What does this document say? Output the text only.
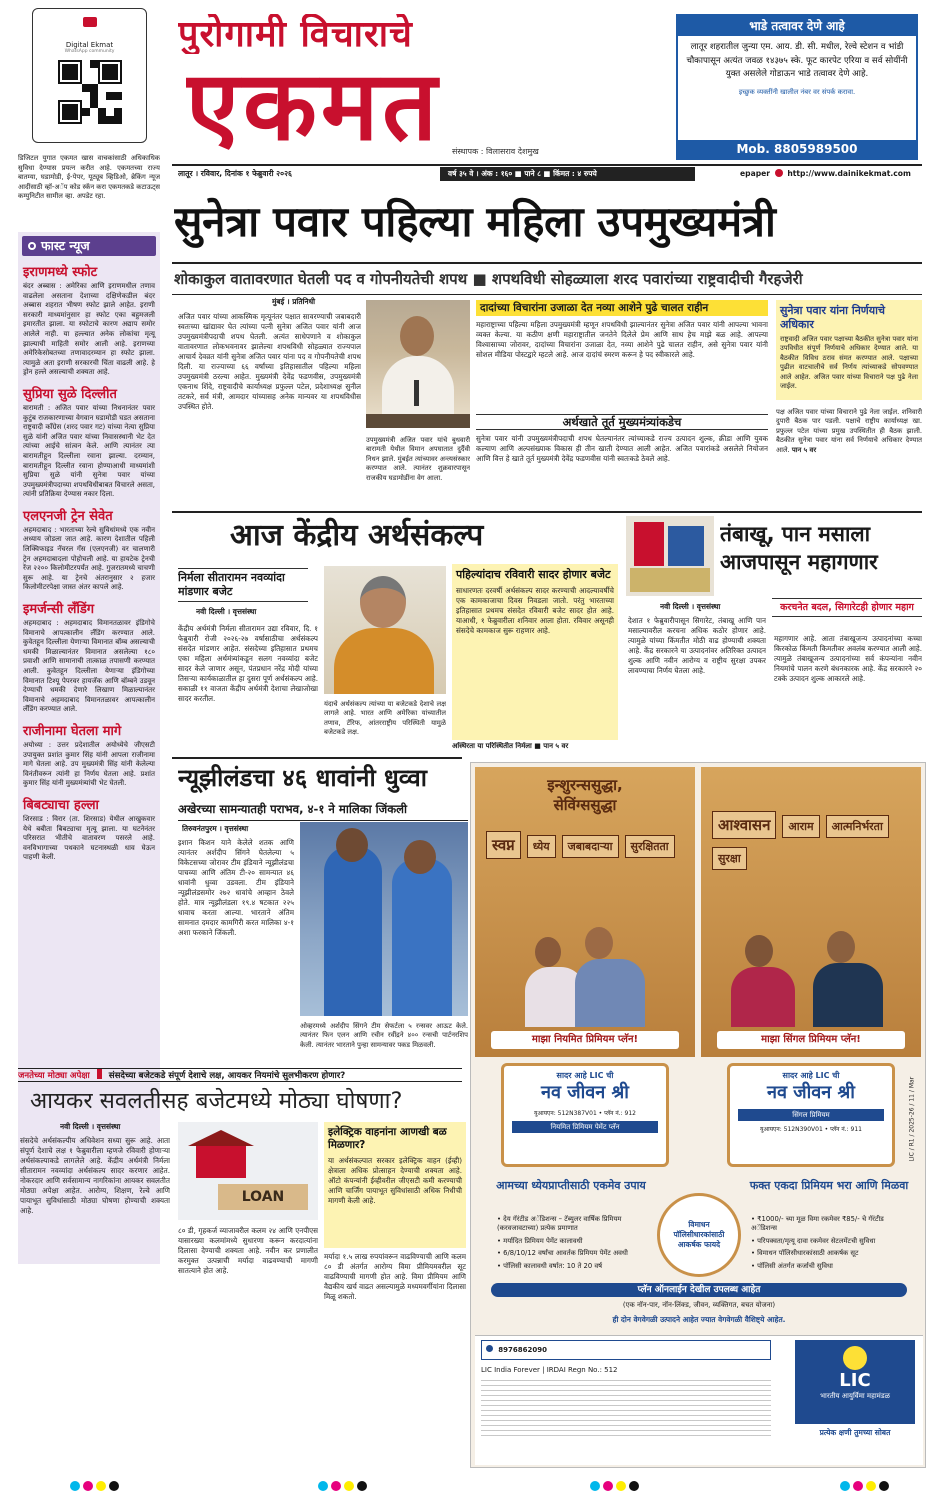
Digital Ekmat
WhatsApp community
डिजिटल युगात एकमत खास वाचकांसाठी अधिकाधिक सुविधा देण्यास प्रयत्न करीत आहे. एकमतच्या राज्य बातम्या, घडामोडी, ई-पेपर, यूट्यूब व्हिडिओ, ब्रेकिंग न्यूज आदींसाठी व्हॉ-अॅप कोड स्कॅन करा एकमतकडे कटाऊट्स कम्युनिटीत सामील व्हा. अपडेट रहा.
पुरोगामी विचाराचे
एकमत	संस्थापक : विलासराव देशमुख
भाडे तत्वावर देणे आहे
लातूर शहरातील जुन्या एम. आय. डी. सी. मधील, रेल्वे स्टेशन व भांडी चौकापासून अत्यंत जवळ १४३७५ स्के. फूट कारपेट एरिया व सर्व सोयींनी युक्त असलेले गोडाऊन भाडे तत्वावर देणे आहे.
इच्छुक व्यक्तींनी खालील नंबर वर संपर्क करावा.
Mob. 8805989500
लातूर । रविवार, दिनांक १ फेब्रुवारी २०२६	वर्ष ३५ वे । अंक : १६० ■ पाने ८ ■ किंमत : ४ रुपये	epaper http://www.dainikekmat.com
फास्ट न्यूज
इराणमध्ये स्फोट
बंदर अब्बास : अमेरिका आणि इराणमधील तणाव वाढलेला असताना देशाच्या दक्षिणेकडील बंदर अब्बास शहरात भीषण स्फोट झाले आहेत. इराणी सरकारी माध्यमांनुसार हा स्फोट एका बहुमजली इमारतीत झाला. या स्फोटाचे कारण अद्याप समोर आलेले नाही. या हल्ल्यात अनेक लोकांचा मृत्यू झाल्याची माहिती समोर आली आहे. इराणच्या अमेरिकेसोबतच्या तणावादरम्यान हा स्फोट झाला. त्यामुळे अता इराणी सरकारची चिंता वाढली आहे. हे ड्रोन हल्ले असल्याची शक्यता आहे.
सुप्रिया सुळे दिल्लीत
बारामती : अजित पवार यांच्या निधनानंतर पवार कुटुंब राजकारणाच्या वेगवान घडामोडी घडत असताना राष्ट्रवादी काँग्रेस (शरद पवार गट) यांच्या नेत्या सुप्रिया सुळे यांनी अजित पवार यांच्या निवासस्थानी भेट देत त्यांच्या आईचे सांत्वन केले. आणि त्यानंतर त्या बारामतीहून दिल्लीला रवाना झाल्या. दरम्यान, बारामतीहून दिल्लीत रवाना होण्याआधी माध्यमांशी सुप्रिया सुळे यांनी सुनेत्रा पवार यांच्या उपमुख्यमंत्रीपदाच्या शपथविधीबाबत विचारले असता, त्यांनी प्रतिक्रिया देण्यास नकार दिला.
एलएनजी ट्रेन सेवेत
अहमदाबाद : भारताच्या रेल्वे सुविधांमध्ये एक नवीन अध्याय जोडला जात आहे. कारण देशातील पहिली लिक्विफाइड नॅचरल गॅस (एलएनजी) वर चालणारी ट्रेन अहमदाबादला पोहोचली आहे. या हायटेक ट्रेनची रेंज २२०० किलोमीटरपर्यंत आहे. गुजरातमध्ये चाचणी सुरू आहे. या ट्रेनचे अंतरानुसार २ हजार किलोमीटरपेक्षा जास्त अंतर कापले आहे.
इमर्जन्सी लँडिंग
अहमदाबाद : अहमदाबाद विमानतळावर इंडिगोचे विमानाचे आपत्कालीन लँडिंग करण्यात आले. कुवेतहून दिल्लीला येणाऱ्या विमानात बॉम्ब असल्याची धमकी मिळाल्यानंतर विमानात असलेल्या १८० प्रवाशी आणि सामानाची तात्काळ तपासणी करण्यात आली. कुवेतहून दिल्लीला येणाऱ्या इंडिगोच्या विमानात टिश्यू पेपरवर हायजॅक आणि बॉम्बने उडवून देण्याची धमकी देणारे लिखाण मिळाल्यानंतर विमानाचे अहमदाबाद विमानतळावर आपत्कालीन लँडिंग करण्यात आले.
राजीनामा घेतला मागे
अयोध्या : उत्तर प्रदेशातील अयोध्येचे जीएसटी उपायुक्त प्रशांत कुमार सिंह यांनी आपला राजीनामा मागे घेतला आहे. उप मुख्यमंत्री सिंह यांनी केलेल्या विनंतीवरून त्यांनी हा निर्णय घेतला आहे. प्रशांत कुमार सिंह यांनी मुख्यमंत्र्यांची भेट घेतली.
बिबट्याचा हल्ला
शिरसाड : विरार (ता. शिरसाड) येथील आखुकवार येथे बबीता बिबट्याचा मृत्यू झाला. या घटनेनंतर परिसरात भीतीचे वातावरण पसरले आहे. वनविभागाच्या पथकाने घटनास्थळी धाव घेऊन पाहणी केली.
सुनेत्रा पवार पहिल्या महिला उपमुख्यमंत्री
शोकाकुल वातावरणात घेतली पद व गोपनीयतेची शपथ ■ शपथविधी सोहळ्याला शरद पवारांच्या राष्ट्रवादीची गैरहजेरी
मुंबई । प्रतिनिधी
अजित पवार यांच्या आकस्मिक मृत्यूनंतर पक्षात सावरण्याची जबाबदारी स्वतःच्या खांद्यावर घेत त्यांच्या पत्नी सुनेत्रा अजित पवार यांनी आज उपमुख्यमंत्रीपदाची शपथ घेतली. अत्यंत साधेपणाने व शोकाकुल वातावरणात लोकभवनावर झालेल्या शपथविधी सोहळ्यात राज्यपाल आचार्य देवव्रत यांनी सुनेत्रा अजित पवार यांना पद व गोपनीयतेची शपथ दिली. या राज्याच्या ६६ वर्षांच्या इतिहासातील पहिल्या महिला उपमुख्यमंत्री ठरल्या आहेत. मुख्यमंत्री देवेंद्र फडणवीस, उपमुख्यमंत्री एकनाथ शिंदे, राष्ट्रवादीचे कार्याध्यक्ष प्रफुल्ल पटेल, प्रदेशाध्यक्ष सुनील तटकरे, सर्व मंत्री, आमदार यांच्यासह अनेक मान्यवर या शपथविधीस उपस्थित होते.
उपमुख्यमंत्री अजित पवार यांचे बुधवारी बारामती येथील विमान अपघातात दुर्दैवी निधन झाले. मुंबईत त्यांच्यावर अन्त्यसंस्कार करण्यात आले. त्यानंतर शुक्रवारपासून राजकीय घडामोडींना वेग आला.
दादांच्या विचारांना उजाळा देत नव्या आशेने पुढे चालत राहीन
महाराष्ट्राच्या पहिल्या महिला उपमुख्यमंत्री म्हणून शपथविधी झाल्यानंतर सुनेत्रा अजित पवार यांनी आपल्या भावना व्यक्त केल्या. या कठीण क्षणी महाराष्ट्रातील जनतेने दिलेले प्रेम आणि साथ हेच माझे बळ आहे. आपल्या विश्वासाच्या जोरावर, दादांच्या विचारांना उजाळा देत, नव्या आशेने पुढे चालत राहीन, असे सुनेत्रा पवार यांनी सोशल मीडिया पोस्टद्वारे म्हटले आहे. आज दादांचं स्मरण करून हे पद स्वीकारले आहे.
अर्थखाते तूर्त मुख्यमंत्र्यांकडेच
सुनेत्रा पवार यांनी उपमुख्यमंत्रीपदाची शपथ घेतल्यानंतर त्यांच्याकडे राज्य उत्पादन शुल्क, क्रीडा आणि युवक कल्याण आणि अल्पसंख्याक विकास ही तीन खाती देण्यात आली आहेत. अजित पवारांकडे असलेले नियोजन आणि वित्त हे खाते तूर्त मुख्यमंत्री देवेंद्र फडणवीस यांनी स्वतःकडे ठेवले आहे.
सुनेत्रा पवार यांना निर्णयाचे अधिकार
राष्ट्रवादी अजित पवार पक्षाच्या बैठकीत सुनेत्रा पवार यांना उपविधीत संपूर्ण निर्णयाचे अधिकार देण्यात आले. या बैठकीत विविध ठराव संमत करण्यात आले. पक्षाच्या पुढील वाटचालीचे सर्व निर्णय त्यांच्याकडे सोपवण्यात आले आहेत. अजित पवार यांच्या विचाराने पक्ष पुढे नेला जाईल.
पक्ष अजित पवार यांच्या विचाराने पुढे नेला जाईल. शनिवारी दुपारी बैठक पार पडली. पक्षाचे राष्ट्रीय कार्याध्यक्ष खा. प्रफुल्ल पटेल यांच्या प्रमुख उपस्थितीत ही बैठक झाली. बैठकीत सुनेत्रा पवार यांना सर्व निर्णयाचे अधिकार देण्यात आले. पान ५ वर
आज केंद्रीय अर्थसंकल्प
निर्मला सीतारामन नवव्यांदा मांडणार बजेट
नवी दिल्ली । वृत्तसंस्था
केंद्रीय अर्थमंत्री निर्मला सीतारामन उद्या रविवार, दि. १ फेब्रुवारी रोजी २०२६-२७ वर्षासाठीचा अर्थसंकल्प संसदेत मांडणार आहेत. संसदेच्या इतिहासात प्रथमच एका महिला अर्थमंत्र्यांकडून सलग नवव्यांदा बजेट सादर केले जाणार असून, पंतप्रधान नरेंद्र मोदी यांच्या तिसऱ्या कार्यकाळातील हा दुसरा पूर्ण अर्थसंकल्प आहे. सकाळी ११ वाजता केंद्रीय अर्थमंत्री देशाचा लेखाजोखा सादर करतील.
यंदाचे अर्थसंकल्प त्यांच्या या बजेटकडे देशाचे लक्ष लागले आहे. भारत आणि अमेरिका यांच्यातील तणाव, टॅरिफ, आंतरराष्ट्रीय परिस्थिती यामुळे बजेटकडे लक्ष.
पहिल्यांदाच रविवारी सादर होणार बजेट
साधारणतः दरवर्षी अर्थसंकल्प सादर करण्याची आदल्यावर्षीचे एक कामकाजाचा दिवस निवडला जातो. परंतु भारताच्या इतिहासात प्रथमच संसदेत रविवारी बजेट सादर होत आहे. याआधी, १ फेब्रुवारीला शनिवार आला होता. रविवार असूनही संसदेचे कामकाज सुरू राहणार आहे.
अस्थिरता या परिस्थितीत निर्मला ■ पान ५ वर
तंबाखू, पान मसाला आजपासून महागणार
नवी दिल्ली । वृत्तसंस्था
देशात १ फेब्रुवारीपासून सिगारेट, तंबाखू आणि पान मसाल्यावरील करचना अधिक कठोर होणार आहे. त्यामुळे यांच्या किंमतीत मोठी वाढ होण्याची शक्यता आहे. केंद्र सरकारने या उत्पादनांवर अतिरिक्त उत्पादन शुल्क आणि नवीन आरोग्य व राष्ट्रीय सुरक्षा उपकर लावण्याचा निर्णय घेतला आहे.
करचनेत बदल, सिगारेटही होणार महाग
महागणार आहे. आता तंबाखूजन्य उत्पादनांच्या कच्चा किरकोळ किंमती किमतीवर अवलंब करण्यात आली आहे. त्यामुळे तंबाखूजन्य उत्पादनांच्या सर्व कंपन्यांना नवीन नियमांचे पालन करणे बंधनकारक आहे. केंद्र सरकारने २० टक्के उत्पादन शुल्क आकारले आहे.
न्यूझीलंडचा ४६ धावांनी धुव्वा
अखेरच्या सामन्यातही पराभव, ४-१ ने मालिका जिंकली
तिरुवनंतपुरम । वृत्तसंस्था
इशान किशन याने केलेले शतक आणि त्यानंतर अर्शदीप सिंगने घेतलेल्या ५ विकेटसच्या जोरावर टीम इंडियाने न्यूझीलंडचा पाचव्या आणि अंतिम टी-२० सामन्यात ४६ धावांनी धुव्वा उडवला. टीम इंडियाने न्यूझीलंडसमोर २७२ धावांचे आव्हान ठेवले होते. मात्र न्यूझीलंडला १९.४ षटकात २२५ धावाच करता आल्या. भारताने अंतिम सामनात दमदार कामगिरी करत मालिका ४-१ अशा फरकाने जिंकली.
ओव्हरमध्ये अर्शदीप सिंगने टीम सेफर्टला ५ रन्सवर आऊट केले. त्यानंतर फिन एलन आणि रचीन रवींद्रने ४०० रन्सची पार्टनरशिप केली. त्यानंतर भारताने पुन्हा सामन्यावर पकड मिळवली.
जनतेच्या मोठ्या अपेक्षा संसदेच्या बजेटकडे संपूर्ण देशाचे लक्ष, आयकर नियमांचे सुलभीकरण होणार?
आयकर सवलतीसह बजेटमध्ये मोठ्या घोषणा?
नवी दिल्ली । वृत्तसंस्था
संसदेचे अर्थसंकल्पीय अधिवेशन सध्या सुरू आहे. आता संपूर्ण देशाचे लक्ष १ फेब्रुवारीला म्हणजे रविवारी होणाऱ्या अर्थसंकल्पाकडे लागलेले आहे. केंद्रीय अर्थमंत्री निर्मला सीतारामन नवव्यांदा अर्थसंकल्प सादर करणार आहेत. नोकरदार आणि सर्वसामान्य नागरिकांना आयकर सवलतीत मोठ्या अपेक्षा आहेत. आरोग्य, शिक्षण, रेल्वे आणि पायाभूत सुविधांसाठी मोठ्या घोषणा होण्याची शक्यता आहे.
LOAN
८० डी, गृहकर्ज व्याजावरील कलम २४ आणि एनपीएस यासारख्या कलमांमध्ये सुधारणा करून करदात्यांना दिलासा देण्याची शक्यता आहे. नवीन कर प्रणालीत करमुक्त उत्पन्नाची मर्यादा वाढवण्याची मागणी सातत्याने होत आहे.
इलेक्ट्रिक वाहनांना आणखी बळ मिळणार?
या अर्थसंकल्पात सरकार इलेक्ट्रिक वाहन (ईव्ही) क्षेत्राला अधिक प्रोत्साहन देण्याची शक्यता आहे. ऑटो कंपन्यांनी ईव्हीवरील जीएसटी कमी करण्याची आणि चार्जिंग पायाभूत सुविधांसाठी अधिक निधीची मागणी केली आहे.
मर्यादा १.५ लाख रुपयांवरून वाढविण्याची आणि कलम ८० डी अंतर्गत आरोग्य विमा प्रीमियमवरील सूट वाढविण्याची मागणी होत आहे. विमा प्रीमियम आणि वैद्यकीय खर्च वाढत असल्यामुळे मध्यमवर्गीयांना दिलासा मिळू शकतो.
इन्शुरन्ससुद्धा,
सेविंग्ससुद्धा
स्वप्न ध्येय जबाबदाऱ्या सुरक्षितता
माझा नियमित प्रिमियम प्लॅन!
आश्वासन आराम आत्मनिर्भरतासुरक्षा
माझा सिंगल प्रिमियम प्लॅन!
सादर आहे LIC ची
नव जीवन श्री
युआयएन: 512N387V01 • प्लॅन नं.: 912
नियमित प्रिमियम पेमेंट प्लॅन
सादर आहे LIC ची
नव जीवन श्री
सिंगल प्रिमियम
युआयएन: 512N390V01 • प्लॅन नं.: 911
आमच्या ध्येयप्राप्तीसाठी एकमेव उपाय	फक्त एकदा प्रिमियम भरा आणि मिळवा
• देय गॅरंटीड अॅडिशन्स – टॅब्युलर वार्षिक प्रिमियम (करवजावटाच्या) प्रत्येक प्रमाणात
• मर्यादित प्रिमियम पेमेंट कालावधी
• 6/8/10/12 वर्षांचा आवर्तक प्रिमियम पेमेंट अवधी
• पॉलिसी कालावधी वर्षात: 10 ते 20 वर्ष
विमाधन पॉलिसीधारकांसाठी आकर्षक फायदे
• ₹1000/- च्या मूळ विमा रकमेवर ₹85/- चे गॅरंटीड अॅडिशन्स
• परिपक्वता/मृत्यू दावा रकमेवर सेटलमेंटची सुविधा
• विमाधन पॉलिसीधारकांसाठी आकर्षक सूट
• पॉलिसी अंतर्गत कर्जाची सुविधा
प्लॅन ऑनलाईन देखील उपलब्ध आहेत
(एक नॉन-पार, नॉन-लिंक्ड, जीवन, व्यक्तिगत, बचत योजना)
ही दोन वेगवेगळी उत्पादने आहेत ज्यात वेगवेगळी वैशिष्ट्ये आहेत.
8976862090
LIC India Forever | IRDAI Regn No.: 512	LIC
भारतीय आयुर्विमा महामंडळ
प्रत्येक क्षणी तुमच्या सोबत
LIC / R1 / 2025-26 / 11 / Mar
